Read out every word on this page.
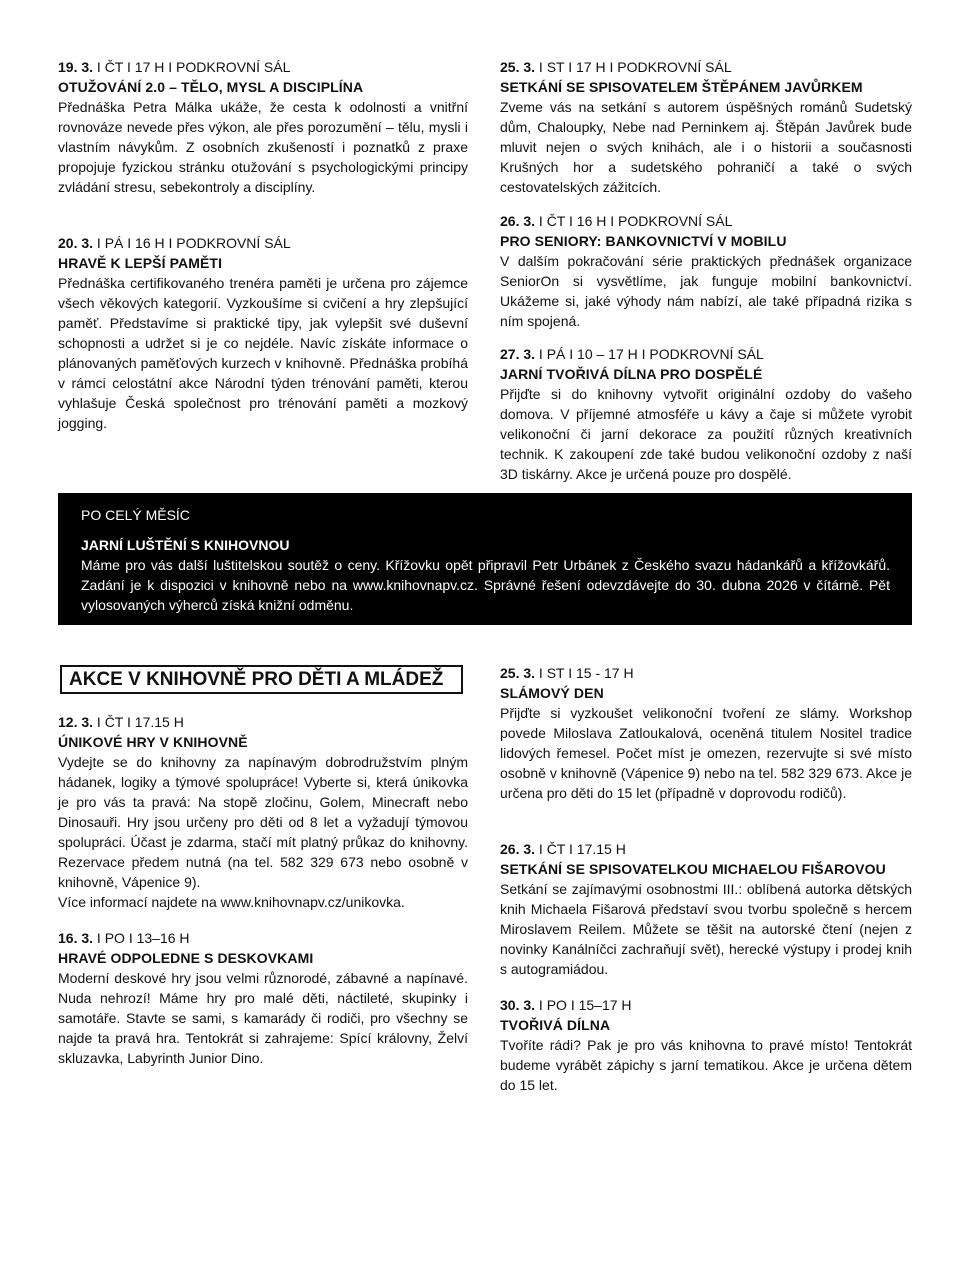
19. 3. I ČT I 17 H I PODKROVNÍ SÁL
OTUŽOVÁNÍ 2.0 – TĚLO, MYSL A DISCIPLÍNA
Přednáška Petra Málka ukáže, že cesta k odolnosti a vnitřní rovnováze nevede přes výkon, ale přes porozumění – tělu, mysli i vlastním návykům. Z osobních zkušeností i poznatků z praxe propojuje fyzickou stránku otužování s psychologickými principy zvládání stresu, sebekontroly a disciplíny.
20. 3. I PÁ I 16 H I PODKROVNÍ SÁL
HRAVĚ K LEPŠÍ PAMĚTI
Přednáška certifikovaného trenéra paměti je určena pro zájemce všech věkových kategorií. Vyzkoušíme si cvičení a hry zlepšující paměť. Představíme si praktické tipy, jak vylepšit své duševní schopnosti a udržet si je co nejdéle. Navíc získáte informace o plánovaných paměťových kurzech v knihovně. Přednáška probíhá v rámci celostátní akce Národní týden trénování paměti, kterou vyhlašuje Česká společnost pro trénování paměti a mozkový jogging.
25. 3. I ST I 17 H I PODKROVNÍ SÁL
SETKÁNÍ SE SPISOVATELEM ŠTĚPÁNEM JAVŮRKEM
Zveme vás na setkání s autorem úspěšných románů Sudetský dům, Chaloupky, Nebe nad Perninkem aj. Štěpán Javůrek bude mluvit nejen o svých knihách, ale i o historii a současnosti Krušných hor a sudetského pohraničí a také o svých cestovatelských zážitcích.
26. 3. I ČT I 16 H I PODKROVNÍ SÁL
PRO SENIORY: BANKOVNICTVÍ V MOBILU
V dalším pokračování série praktických přednášek organizace SeniorOn si vysvětlíme, jak funguje mobilní bankovnictví. Ukážeme si, jaké výhody nám nabízí, ale také případná rizika s ním spojená.
27. 3. I PÁ I 10 – 17 H I PODKROVNÍ SÁL
JARNÍ TVOŘIVÁ DÍLNA PRO DOSPĚLÉ
Přijďte si do knihovny vytvořit originální ozdoby do vašeho domova. V příjemné atmosféře u kávy a čaje si můžete vyrobit velikonoční či jarní dekorace za použití různých kreativních technik. K zakoupení zde také budou velikonoční ozdoby z naší 3D tiskárny. Akce je určená pouze pro dospělé.
PO CELÝ MĚSÍC
JARNÍ LUŠTĚNÍ S KNIHOVNOU
Máme pro vás další luštitelskou soutěž o ceny. Křížovku opět připravil Petr Urbánek z Českého svazu hádankářů a křížovkářů. Zadání je k dispozici v knihovně nebo na www.knihovnapv.cz. Správné řešení odevzdávejte do 30. dubna 2026 v čítárně. Pět vylosovaných výherců získá knižní odměnu.
AKCE V KNIHOVNĚ PRO DĚTI A MLÁDEŽ
12. 3. I ČT I 17.15 H
ÚNIKOVÉ HRY V KNIHOVNĚ
Vydejte se do knihovny za napínavým dobrodružstvím plným hádanek, logiky a týmové spolupráce! Vyberte si, která únikovka je pro vás ta pravá: Na stopě zločinu, Golem, Minecraft nebo Dinosauři. Hry jsou určeny pro děti od 8 let a vyžadují týmovou spolupráci. Účast je zdarma, stačí mít platný průkaz do knihovny. Rezervace předem nutná (na tel. 582 329 673 nebo osobně v knihovně, Vápenice 9).
Více informací najdete na www.knihovnapv.cz/unikovka.
16. 3. I PO I 13–16 H
HRAVÉ ODPOLEDNE S DESKOVKAMI
Moderní deskové hry jsou velmi různorodé, zábavné a napínavé. Nuda nehrozí! Máme hry pro malé děti, náctileté, skupinky i samotáře. Stavte se sami, s kamarády či rodiči, pro všechny se najde ta pravá hra. Tentokrát si zahrajeme: Spící královny, Želví skluzavka, Labyrinth Junior Dino.
25. 3. I ST I 15 - 17 H
SLÁMOVÝ DEN
Přijďte si vyzkoušet velikonoční tvoření ze slámy. Workshop povede Miloslava Zatloukalová, oceněná titulem Nositel tradice lidových řemesel. Počet míst je omezen, rezervujte si své místo osobně v knihovně (Vápenice 9) nebo na tel. 582 329 673. Akce je určena pro děti do 15 let (případně v doprovodu rodičů).
26. 3. I ČT I 17.15 H
SETKÁNÍ SE SPISOVATELKOU MICHAELOU FIŠAROVOU
Setkání se zajímavými osobnostmi III.: oblíbená autorka dětských knih Michaela Fišarová představí svou tvorbu společně s hercem Miroslavem Reilem. Můžete se těšit na autorské čtení (nejen z novinky Kanálníčci zachraňují svět), herecké výstupy i prodej knih s autogramiádou.
30. 3. I PO I 15–17 H
TVOŘIVÁ DÍLNA
Tvoříte rádi? Pak je pro vás knihovna to pravé místo! Tentokrát budeme vyrábět zápichy s jarní tematikou. Akce je určena dětem do 15 let.
